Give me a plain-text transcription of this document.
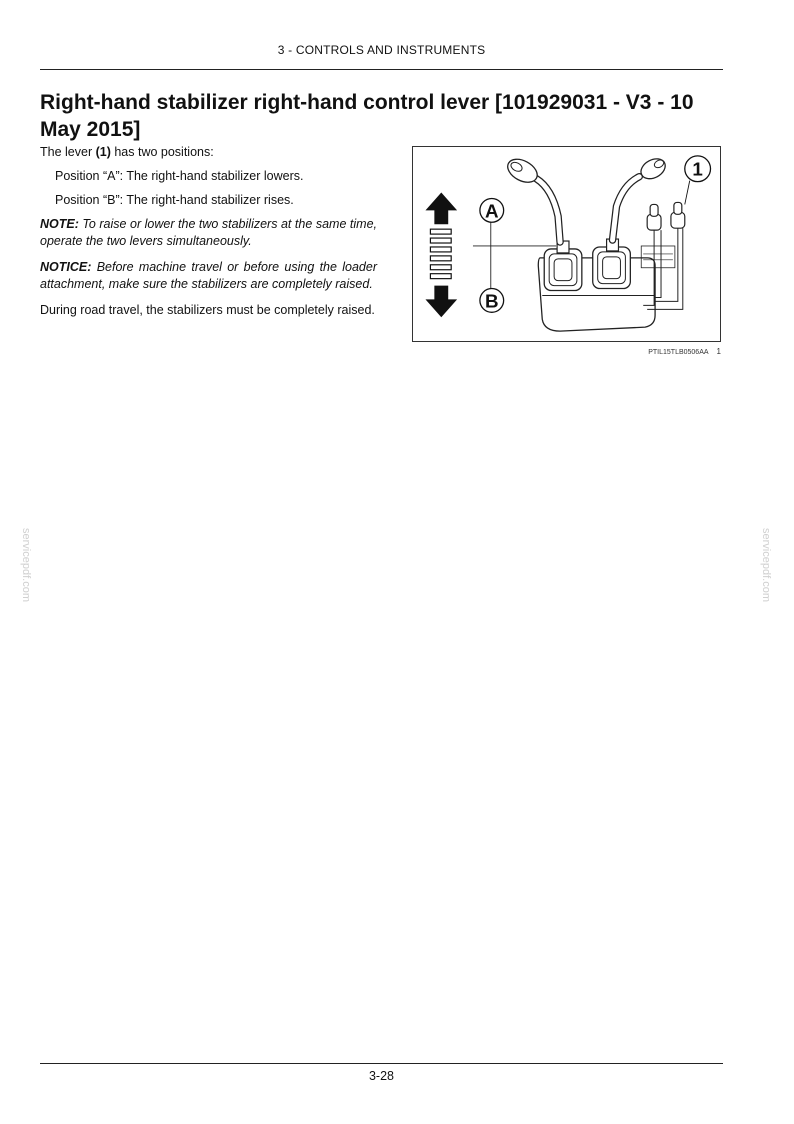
3 - CONTROLS AND INSTRUMENTS
Right-hand stabilizer right-hand control lever [101929031 - V3 - 10 May 2015]

The lever (1) has two positions:

Position “A”: The right-hand stabilizer lowers.

Position “B”: The right-hand stabilizer rises.

NOTE: To raise or lower the two stabilizers at the same time, operate the two levers simultaneously.

NOTICE: Before machine travel or before using the loader attachment, make sure the stabilizers are completely raised.

During road travel, the stabilizers must be completely raised.

A
B
1
PTIL15TLB0506AA 1
servicepdf.com	servicepdf.com
3-28
